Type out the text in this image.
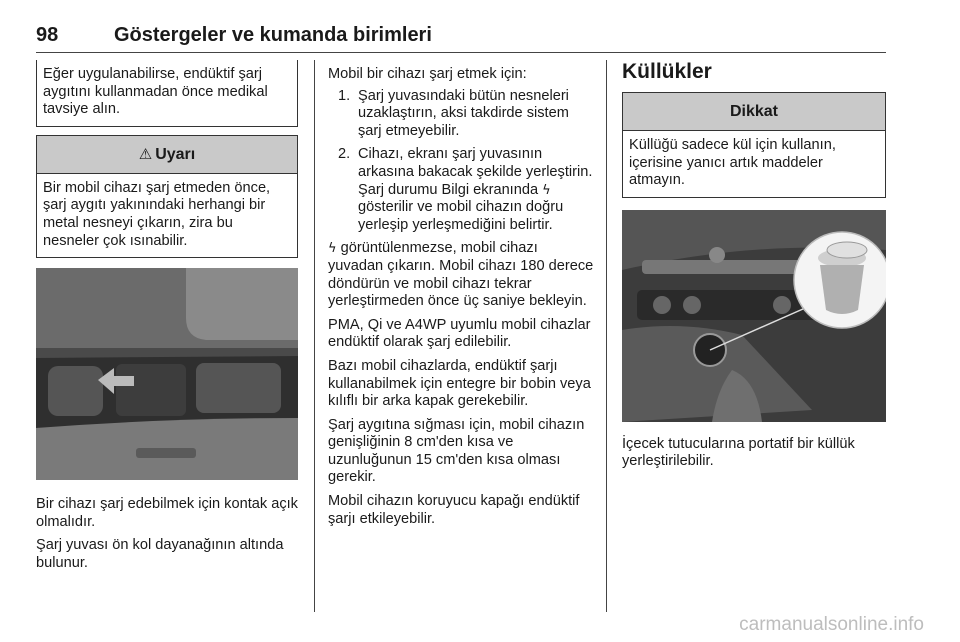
98	Göstergeler ve kumanda birimleri

Eğer uygulanabilirse, endüktif şarj aygıtını kullanmadan önce medikal tavsiye alın.

⚠ Uyarı

Bir mobil cihazı şarj etmeden önce, şarj aygıtı yakınındaki herhangi bir metal nesneyi çıkarın, zira bu nesneler çok ısınabilir.

Bir cihazı şarj edebilmek için kontak açık olmalıdır.

Şarj yuvası ön kol dayanağının altında bulunur.

Mobil bir cihazı şarj etmek için:

1. Şarj yuvasındaki bütün nesneleri uzaklaştırın, aksi takdirde sistem şarj etmeyebilir.
2. Cihazı, ekranı şarj yuvasının arkasına bakacak şekilde yerleştirin. Şarj durumu Bilgi ekranında ϟ gösterilir ve mobil cihazın doğru yerleşip yerleşmediğini belirtir.

ϟ görüntülenmezse, mobil cihazı yuvadan çıkarın. Mobil cihazı 180 derece döndürün ve mobil cihazı tekrar yerleştirmeden önce üç saniye bekleyin.

PMA, Qi ve A4WP uyumlu mobil cihazlar endüktif olarak şarj edilebilir.

Bazı mobil cihazlarda, endüktif şarjı kullanabilmek için entegre bir bobin veya kılıflı bir arka kapak gerekebilir.

Şarj aygıtına sığması için, mobil cihazın genişliğinin 8 cm'den kısa ve uzunluğunun 15 cm'den kısa olması gerekir.

Mobil cihazın koruyucu kapağı endüktif şarjı etkileyebilir.

Küllükler
Dikkat

Küllüğü sadece kül için kullanın, içerisine yanıcı artık maddeler atmayın.

İçecek tutucularına portatif bir küllük yerleştirilebilir.

carmanualsonline.info
